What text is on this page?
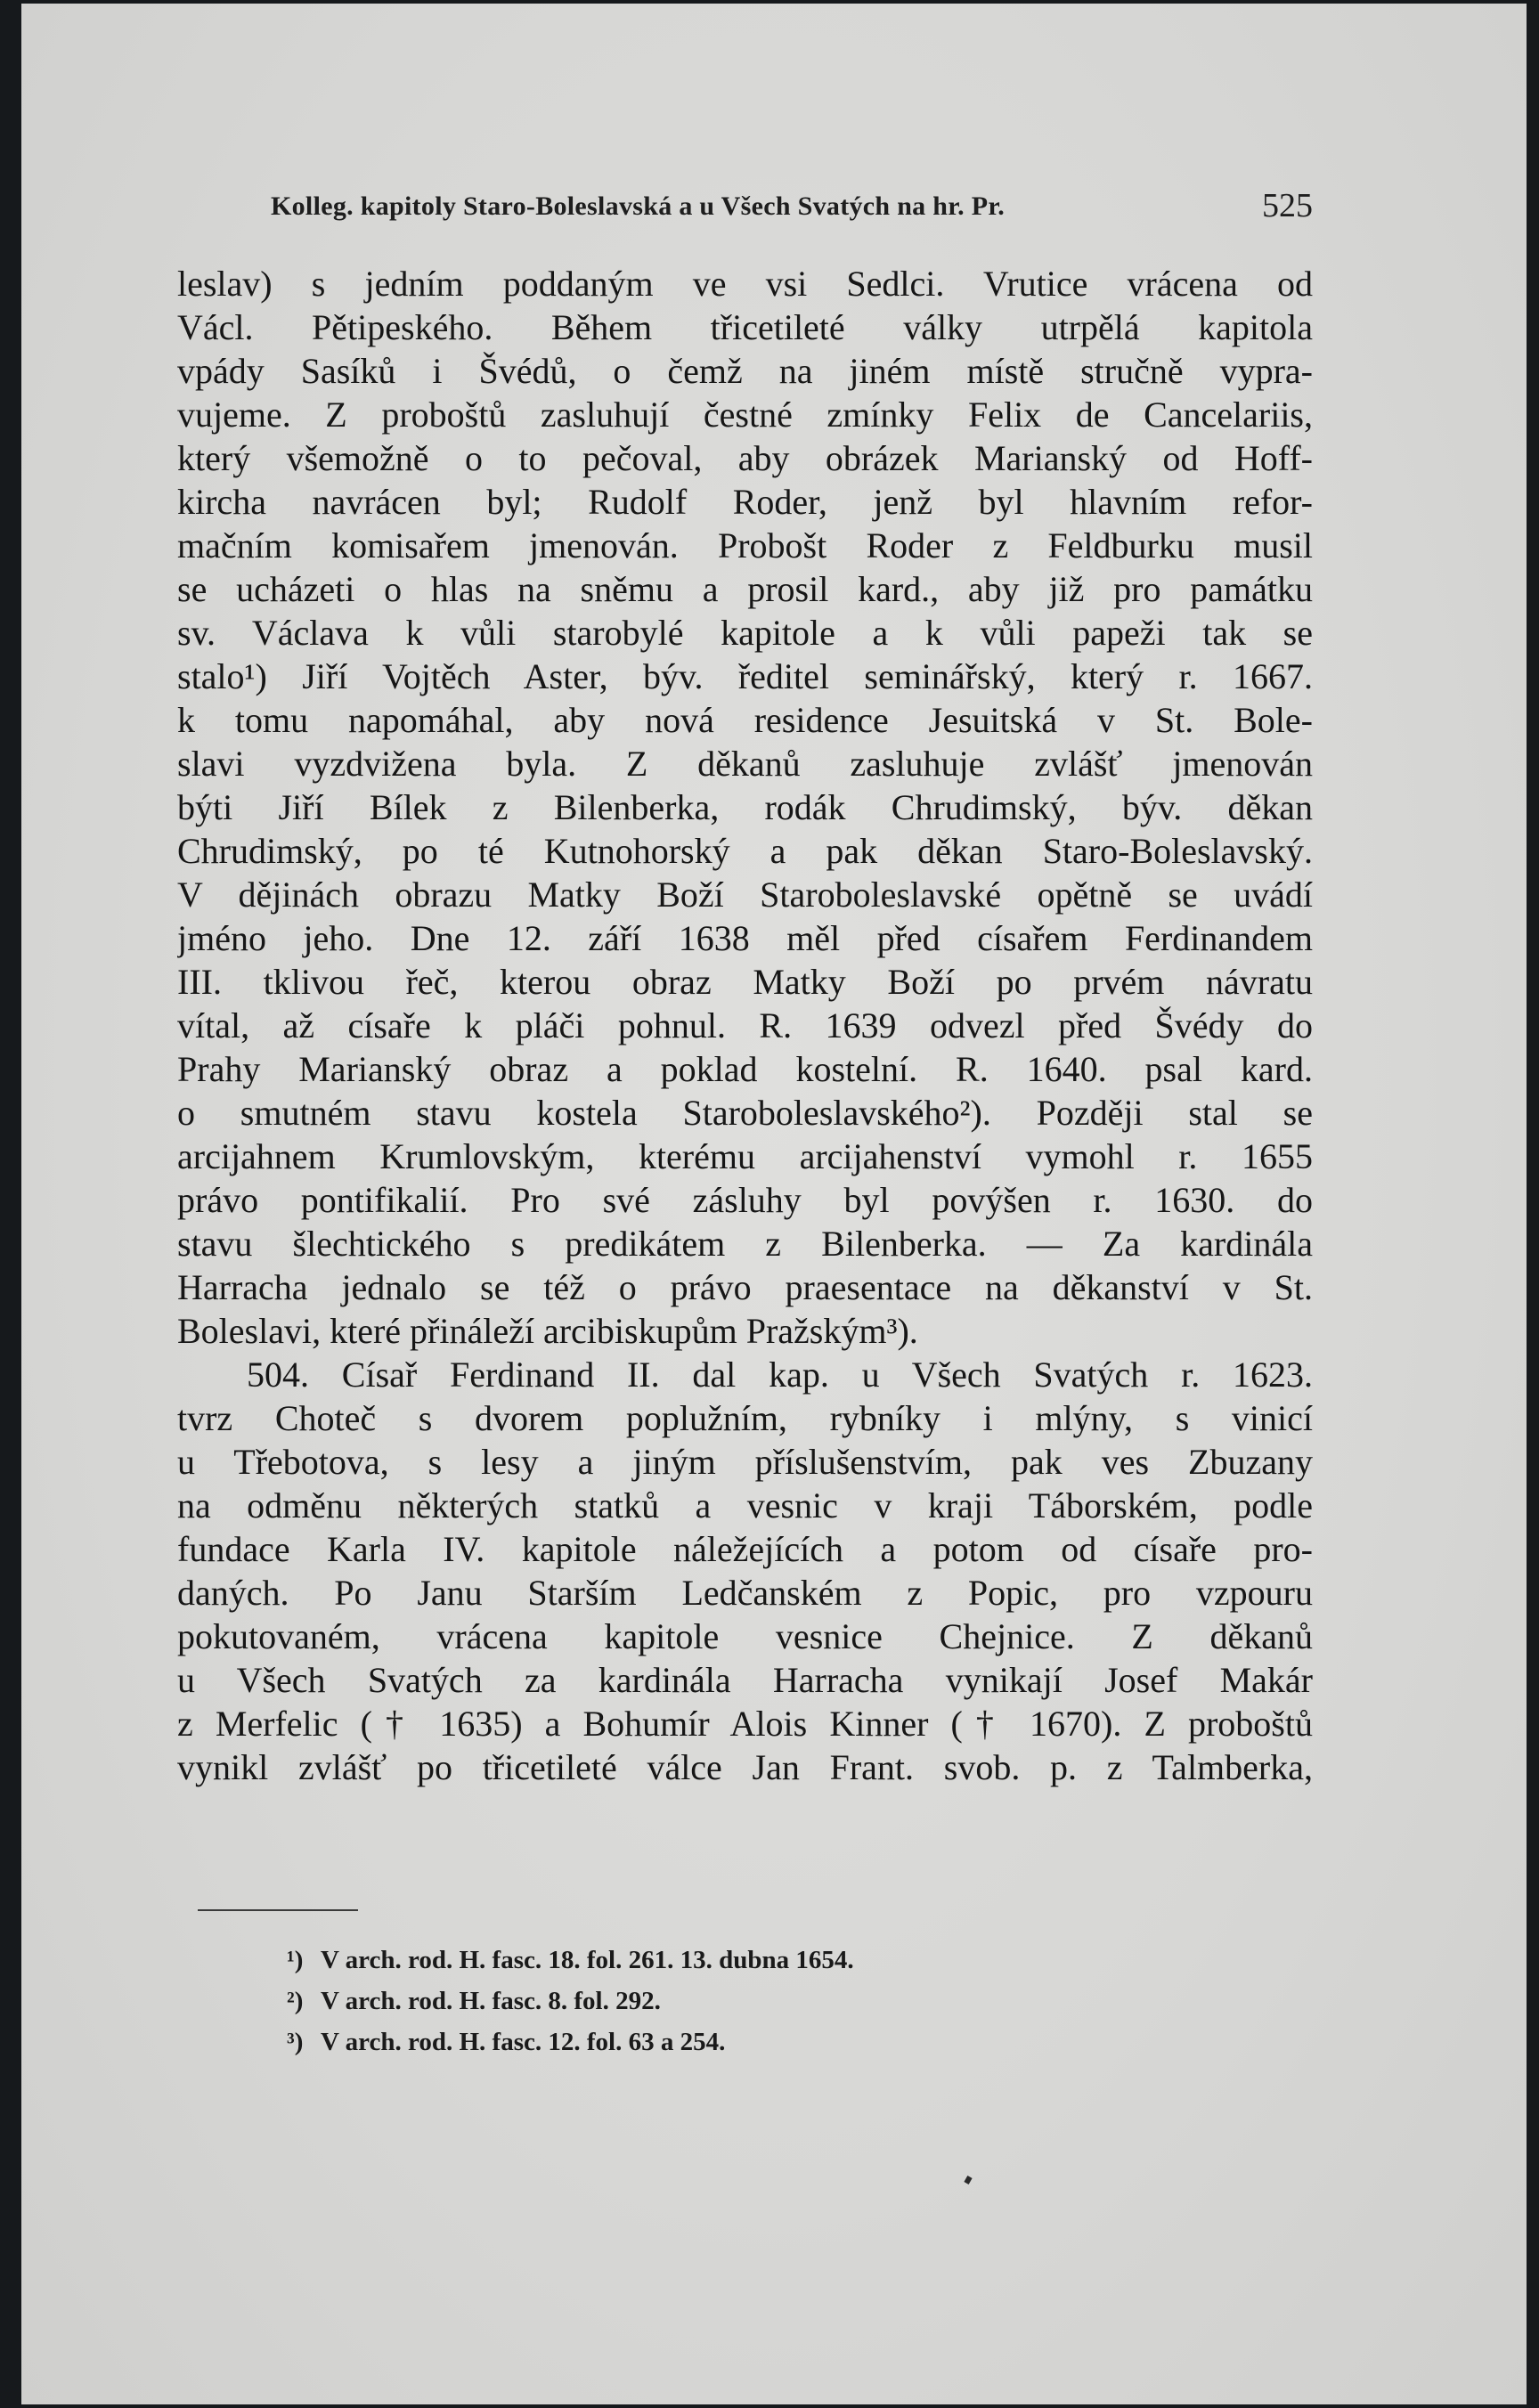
Kolleg. kapitoly Staro-Boleslavská a u Všech Svatých na hr. Pr.	525
leslav) s jedním poddaným ve vsi Sedlci. Vrutice vrácena od
Václ. Pětipeského. Během třicetileté války utrpělá kapitola
vpády Sasíků i Švédů, o čemž na jiném místě stručně vypra-
vujeme. Z proboštů zasluhují čestné zmínky Felix de Cancelariis,
který všemožně o to pečoval, aby obrázek Marianský od Hoff-
kircha navrácen byl; Rudolf Roder, jenž byl hlavním refor-
mačním komisařem jmenován. Probošt Roder z Feldburku musil
se ucházeti o hlas na sněmu a prosil kard., aby již pro památku
sv. Václava k vůli starobylé kapitole a k vůli papeži tak se
stalo¹) Jiří Vojtěch Aster, býv. ředitel seminářský, který r. 1667.
k tomu napomáhal, aby nová residence Jesuitská v St. Bole-
slavi vyzdvižena byla. Z děkanů zasluhuje zvlášť jmenován
býti Jiří Bílek z Bilenberka, rodák Chrudimský, býv. děkan
Chrudimský, po té Kutnohorský a pak děkan Staro-Boleslavský.
V dějinách obrazu Matky Boží Staroboleslavské opětně se uvádí
jméno jeho. Dne 12. září 1638 měl před císařem Ferdinandem
III. tklivou řeč, kterou obraz Matky Boží po prvém návratu
vítal, až císaře k pláči pohnul. R. 1639 odvezl před Švédy do
Prahy Marianský obraz a poklad kostelní. R. 1640. psal kard.
o smutném stavu kostela Staroboleslavského²). Později stal se
arcijahnem Krumlovským, kterému arcijahenství vymohl r. 1655
právo pontifikalií. Pro své zásluhy byl povýšen r. 1630. do
stavu šlechtického s predikátem z Bilenberka. — Za kardinála
Harracha jednalo se též o právo praesentace na děkanství v St.
Boleslavi, které přináleží arcibiskupům Pražským³).
504. Císař Ferdinand II. dal kap. u Všech Svatých r. 1623.
tvrz Choteč s dvorem poplužním, rybníky i mlýny, s vinicí
u Třebotova, s lesy a jiným příslušenstvím, pak ves Zbuzany
na odměnu některých statků a vesnic v kraji Táborském, podle
fundace Karla IV. kapitole náležejících a potom od císaře pro-
daných. Po Janu Starším Ledčanském z Popic, pro vzpouru
pokutovaném, vrácena kapitole vesnice Chejnice. Z děkanů
u Všech Svatých za kardinála Harracha vynikají Josef Makár
z Merfelic († 1635) a Bohumír Alois Kinner († 1670). Z proboštů
vynikl zvlášť po třicetileté válce Jan Frant. svob. p. z Talmberka,
¹) V arch. rod. H. fasc. 18. fol. 261. 13. dubna 1654.
²) V arch. rod. H. fasc. 8. fol. 292.
³) V arch. rod. H. fasc. 12. fol. 63 a 254.
